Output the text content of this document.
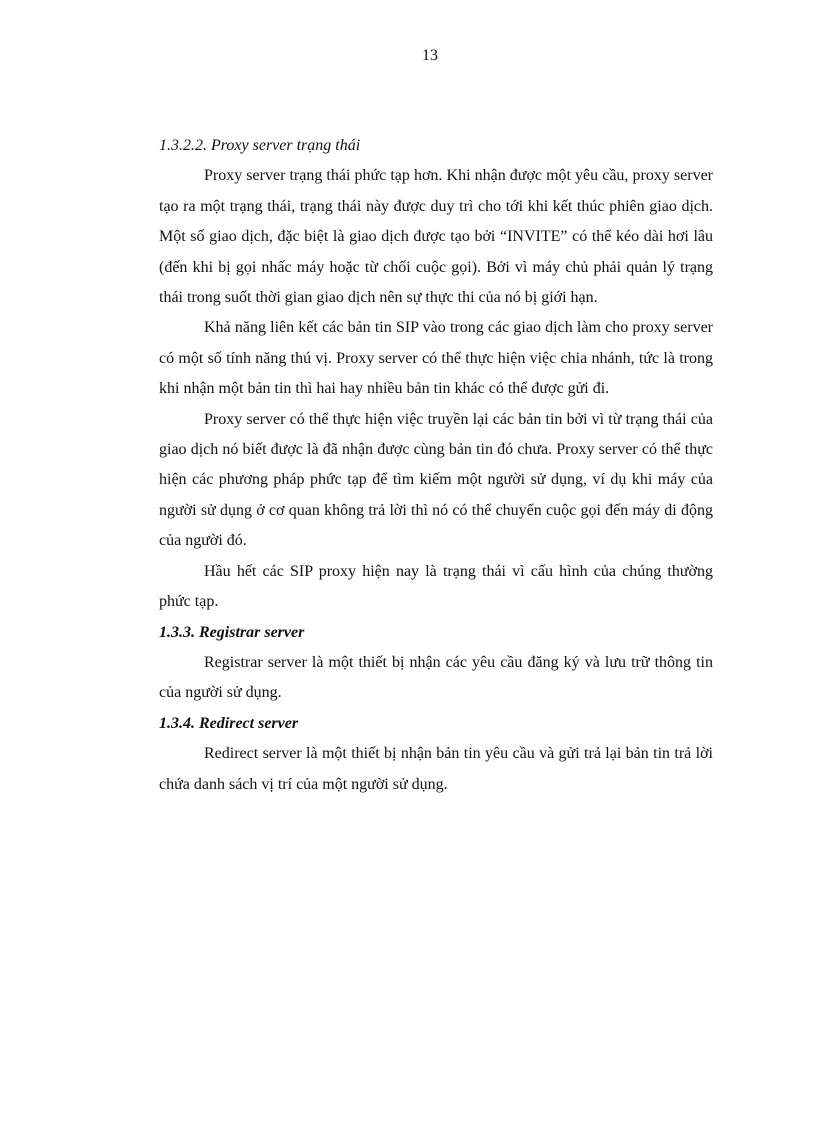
13

1.3.2.2. Proxy server trạng thái

Proxy server trạng thái phức tạp hơn. Khi nhận được một yêu cầu, proxy server tạo ra một trạng thái, trạng thái này được duy trì cho tới khi kết thúc phiên giao dịch. Một số giao dịch, đặc biệt là giao dịch được tạo bởi “INVITE” có thể kéo dài hơi lâu (đến khi bị gọi nhấc máy hoặc từ chối cuộc gọi). Bởi vì máy chủ phải quản lý trạng thái trong suốt thời gian giao dịch nên sự thực thi của nó bị giới hạn.

Khả năng liên kết các bản tin SIP vào trong các giao dịch làm cho proxy server có một số tính năng thú vị. Proxy server có thể thực hiện việc chia nhánh, tức là trong khi nhận một bản tin thì hai hay nhiều bản tin khác có thể được gửi đi.

Proxy server có thể thực hiện việc truyền lại các bản tin bởi vì từ trạng thái của giao dịch nó biết được là đã nhận được cùng bản tin đó chưa. Proxy server có thể thực hiện các phương pháp phức tạp để tìm kiếm một người sử dụng, ví dụ khi máy của người sử dụng ở cơ quan không trả lời thì nó có thể chuyển cuộc gọi đến máy di động của người đó.

Hầu hết các SIP proxy hiện nay là trạng thái vì cấu hình của chúng thường phức tạp.

1.3.3. Registrar server

Registrar server là một thiết bị nhận các yêu cầu đăng ký và lưu trữ thông tin của người sử dụng.

1.3.4. Redirect server

Redirect server là một thiết bị nhận bản tin yêu cầu và gửi trả lại bản tin trả lời chứa danh sách vị trí của một người sử dụng.
